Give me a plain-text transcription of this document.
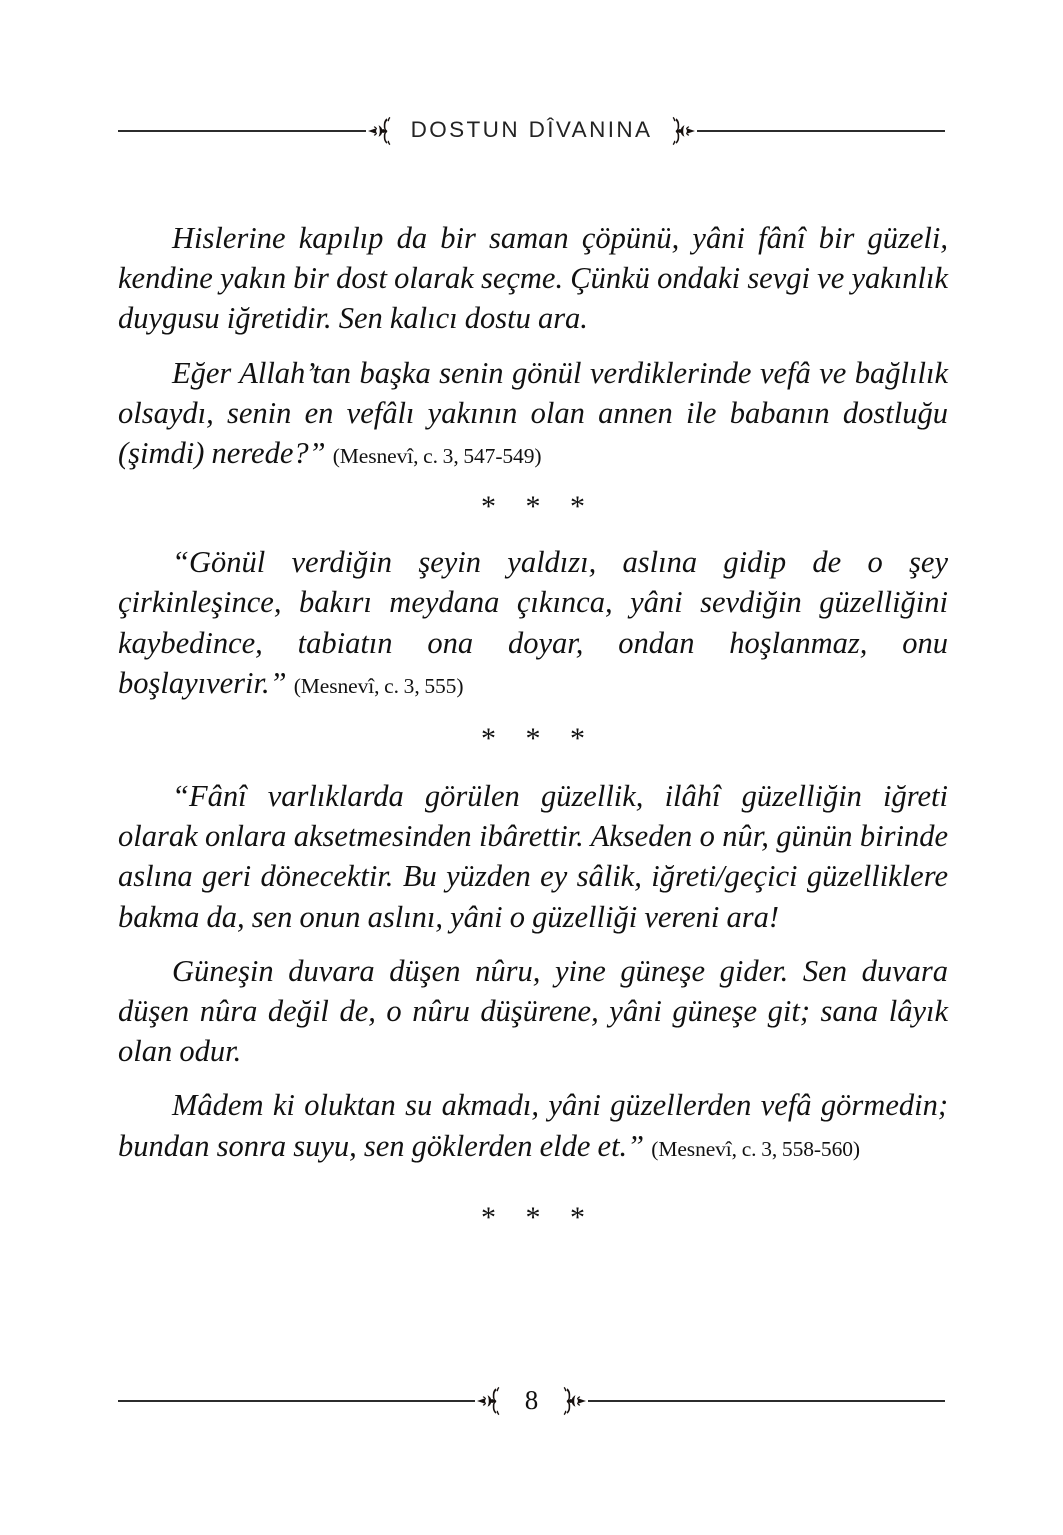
DOSTUN DÎVANINA

Hislerine kapılıp da bir saman çöpünü, yâni fânî bir güzeli, kendine yakın bir dost olarak seçme. Çünkü ondaki sevgi ve yakınlık duygusu iğretidir. Sen kalıcı dostu ara.

Eğer Allah’tan başka senin gönül verdiklerinde vefâ ve bağlılık olsaydı, senin en vefâlı yakının olan annen ile babanın dostluğu (şimdi) nerede?” (Mesnevî, c. 3, 547-549)

* * *

“Gönül verdiğin şeyin yaldızı, aslına gidip de o şey çirkinleşince, bakırı meydana çıkınca, yâni sevdiğin güzelliğini kaybedince, tabiatın ona doyar, ondan hoşlanmaz, onu boşlayıverir.” (Mesnevî, c. 3, 555)

* * *

“Fânî varlıklarda görülen güzellik, ilâhî güzelliğin iğreti olarak onlara aksetmesinden ibârettir. Akseden o nûr, günün birinde aslına geri dönecektir. Bu yüzden ey sâlik, iğreti/geçici güzelliklere bakma da, sen onun aslını, yâni o güzelliği vereni ara!

Güneşin duvara düşen nûru, yine güneşe gider. Sen duvara düşen nûra değil de, o nûru düşürene, yâni güneşe git; sana lâyık olan odur.

Mâdem ki oluktan su akmadı, yâni güzellerden vefâ görmedin; bundan sonra suyu, sen göklerden elde et.” (Mesnevî, c. 3, 558-560)

* * *
8
